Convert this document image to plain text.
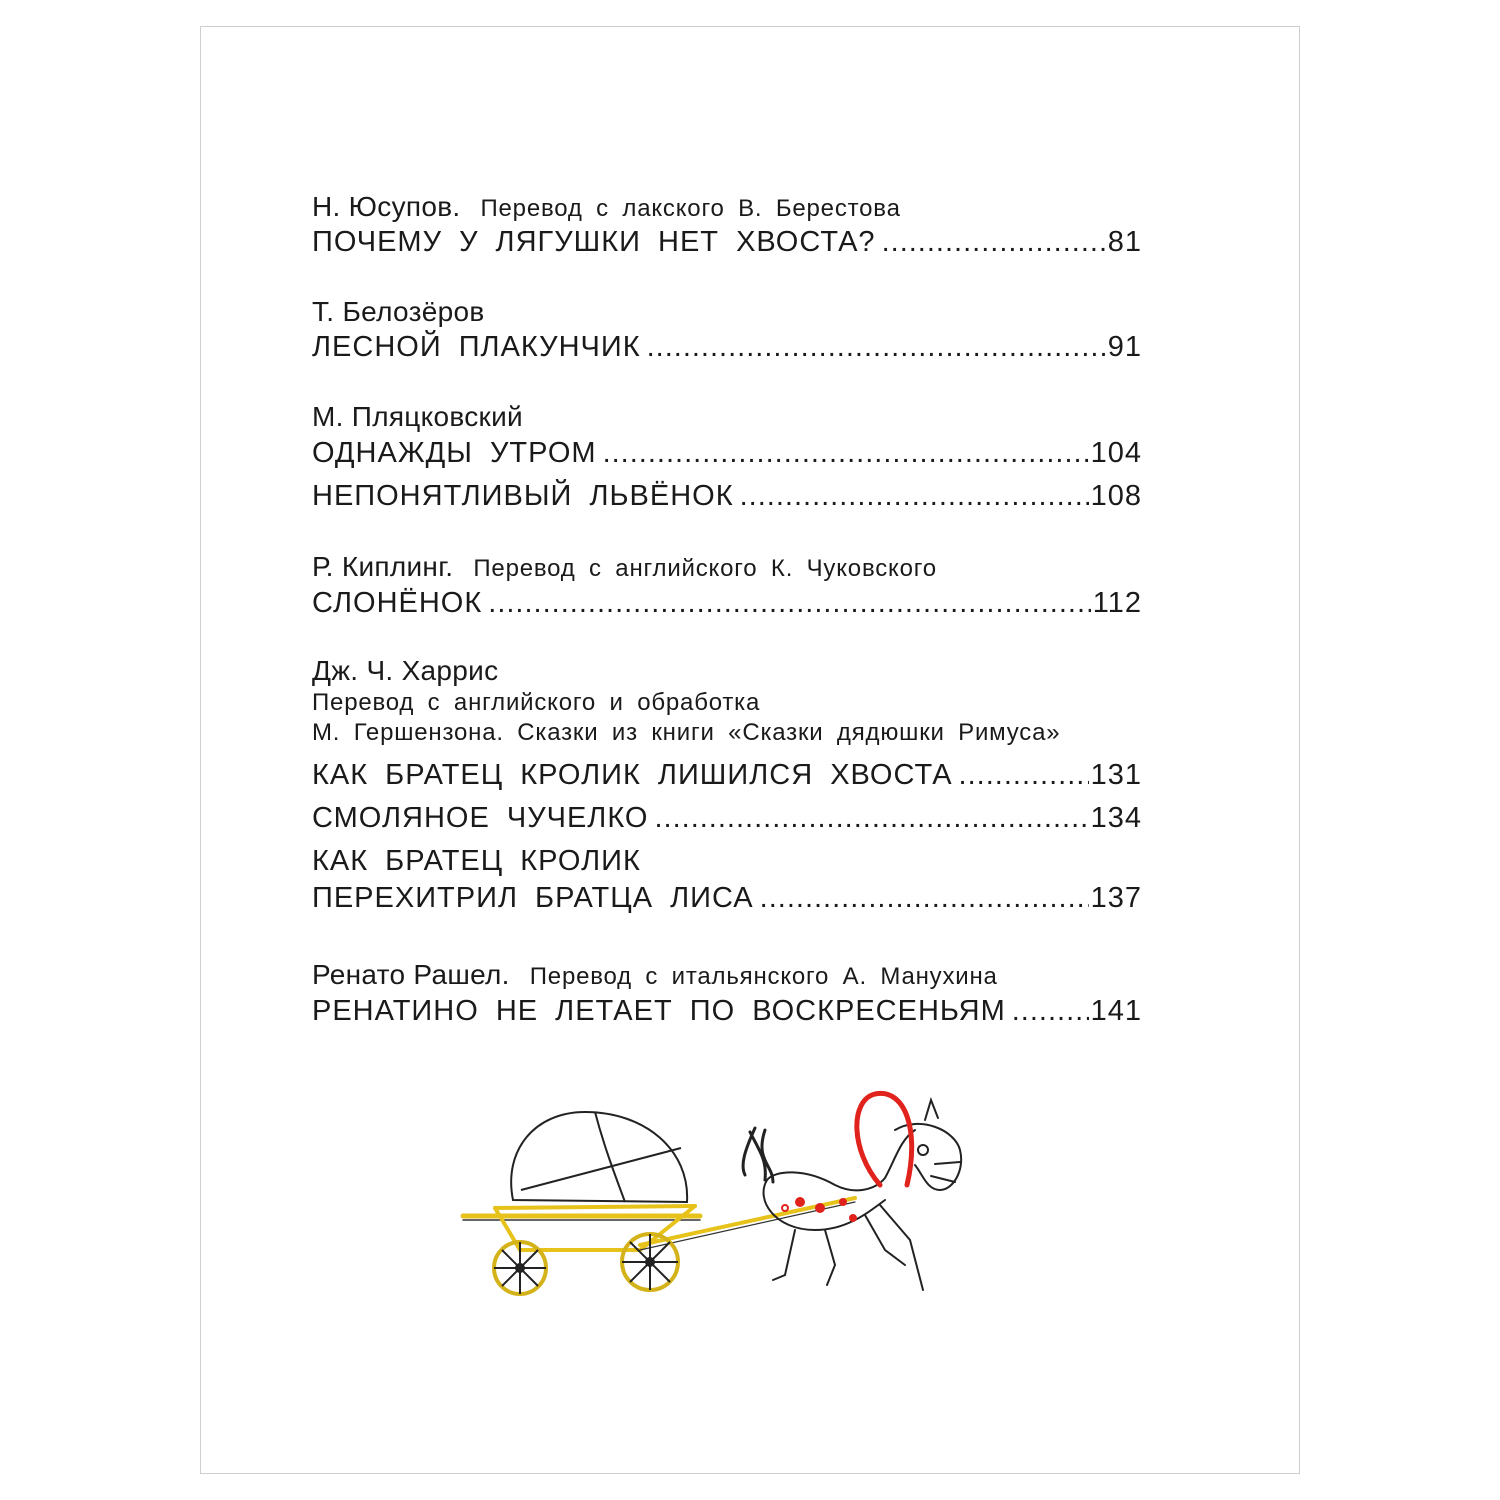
Н. Юсупов. Перевод с лакского В. Берестова
ПОЧЕМУ У ЛЯГУШКИ НЕТ ХВОСТА? .....	81
Т. Белозёров
ЛЕСНОЙ ПЛАКУНЧИК .....	91
М. Пляцковский
ОДНАЖДЫ УТРОМ .....	104
НЕПОНЯТЛИВЫЙ ЛЬВЁНОК .....	108
Р. Киплинг. Перевод с английского К. Чуковского
СЛОНЁНОК .....	112
Дж. Ч. Харрис
Перевод с английского и обработка
М. Гершензона. Сказки из книги «Сказки дядюшки Римуса»
КАК БРАТЕЦ КРОЛИК ЛИШИЛСЯ ХВОСТА .....	131
СМОЛЯНОЕ ЧУЧЕЛКО .....	134
КАК БРАТЕЦ КРОЛИК
ПЕРЕХИТРИЛ БРАТЦА ЛИСА .....	137
Ренато Рашел. Перевод с итальянского А. Манухина
РЕНАТИНО НЕ ЛЕТАЕТ ПО ВОСКРЕСЕНЬЯМ .....	141
